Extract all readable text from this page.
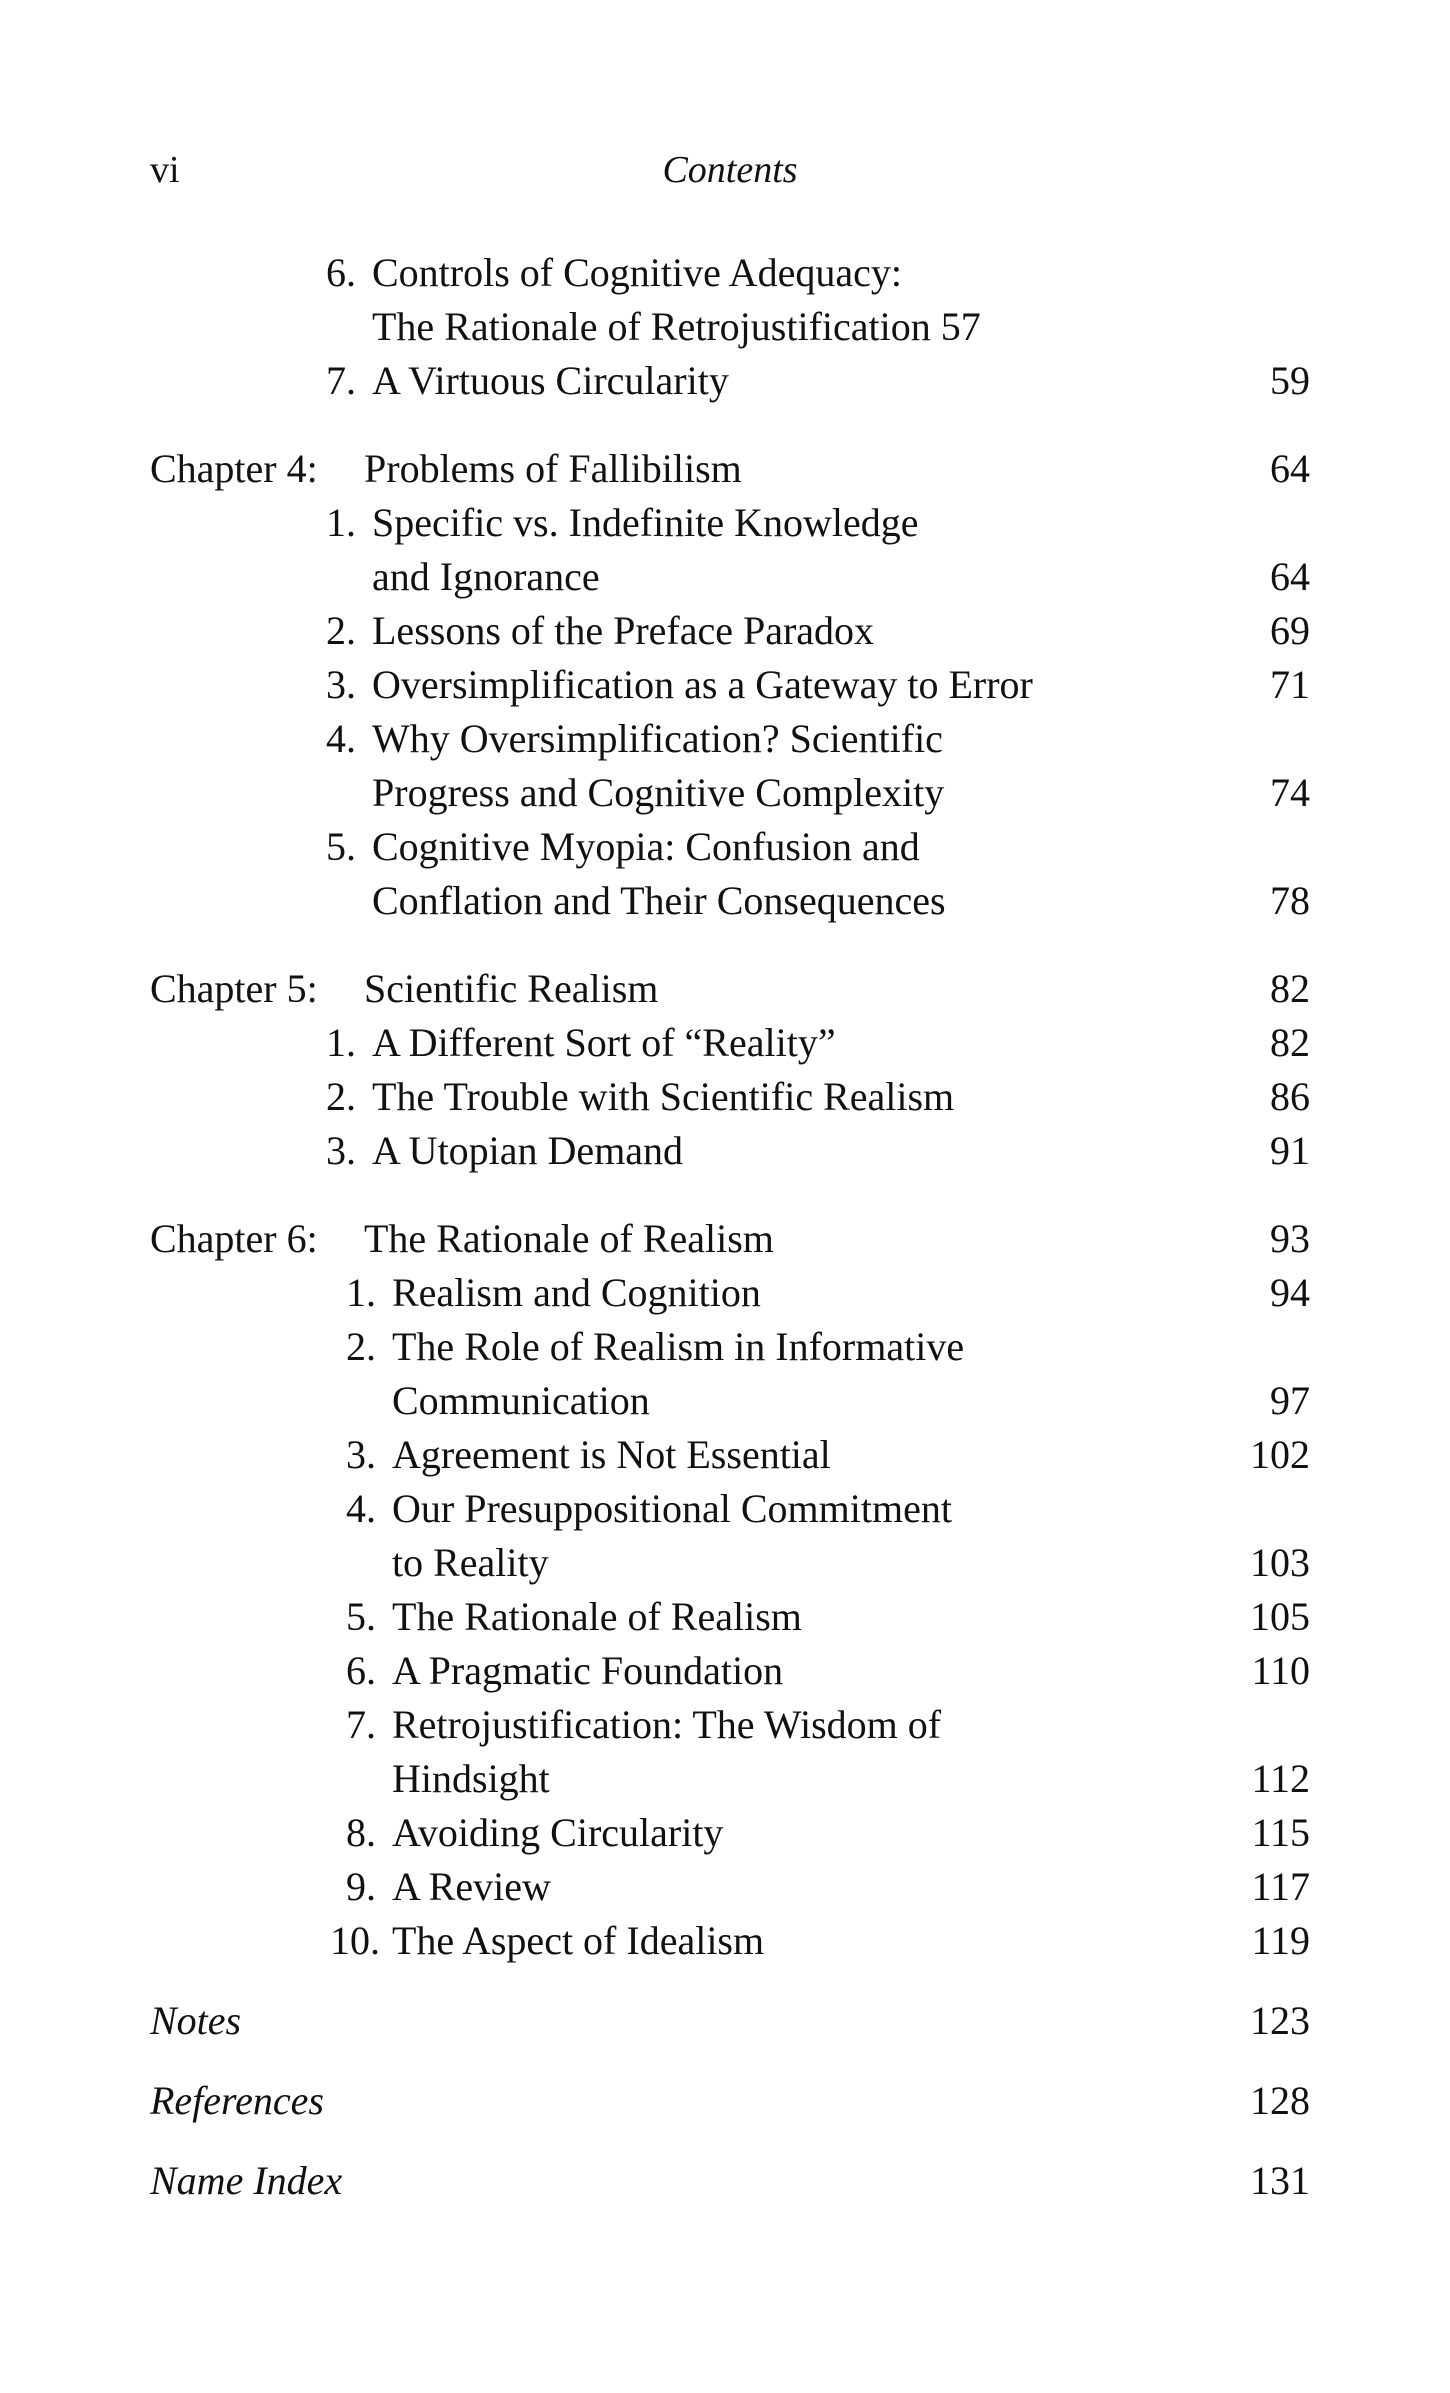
vi	Contents
6. Controls of Cognitive Adequacy:
The Rationale of Retrojustification 57
7. A Virtuous Circularity	59
Chapter 4: Problems of Fallibilism	64
1. Specific vs. Indefinite Knowledge
and Ignorance	64
2. Lessons of the Preface Paradox	69
3. Oversimplification as a Gateway to Error	71
4. Why Oversimplification? Scientific
Progress and Cognitive Complexity	74
5. Cognitive Myopia: Confusion and
Conflation and Their Consequences	78
Chapter 5: Scientific Realism	82
1. A Different Sort of “Reality”	82
2. The Trouble with Scientific Realism	86
3. A Utopian Demand	91
Chapter 6: The Rationale of Realism	93
1. Realism and Cognition	94
2. The Role of Realism in Informative
Communication	97
3. Agreement is Not Essential	102
4. Our Presuppositional Commitment
to Reality	103
5. The Rationale of Realism	105
6. A Pragmatic Foundation	110
7. Retrojustification: The Wisdom of
Hindsight	112
8. Avoiding Circularity	115
9. A Review	117
10. The Aspect of Idealism	119
Notes	123
References	128
Name Index	131
